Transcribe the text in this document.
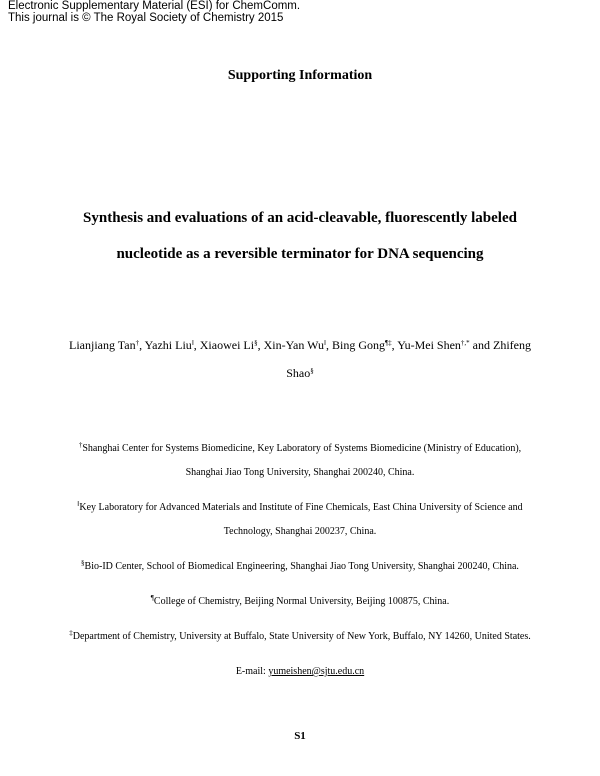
Electronic Supplementary Material (ESI) for ChemComm.
This journal is © The Royal Society of Chemistry 2015
Supporting Information
Synthesis and evaluations of an acid-cleavable, fluorescently labeled
nucleotide as a reversible terminator for DNA sequencing
Lianjiang Tan†, Yazhi Liu‖, Xiaowei Li§, Xin-Yan Wu‖, Bing Gong¶‡, Yu-Mei Shen†,* and Zhifeng
Shao§
†Shanghai Center for Systems Biomedicine, Key Laboratory of Systems Biomedicine (Ministry of Education),
Shanghai Jiao Tong University, Shanghai 200240, China.
‖Key Laboratory for Advanced Materials and Institute of Fine Chemicals, East China University of Science and
Technology, Shanghai 200237, China.
§Bio-ID Center, School of Biomedical Engineering, Shanghai Jiao Tong University, Shanghai 200240, China.
¶College of Chemistry, Beijing Normal University, Beijing 100875, China.
‡Department of Chemistry, University at Buffalo, State University of New York, Buffalo, NY 14260, United States.
E-mail: yumeishen@sjtu.edu.cn
S1
